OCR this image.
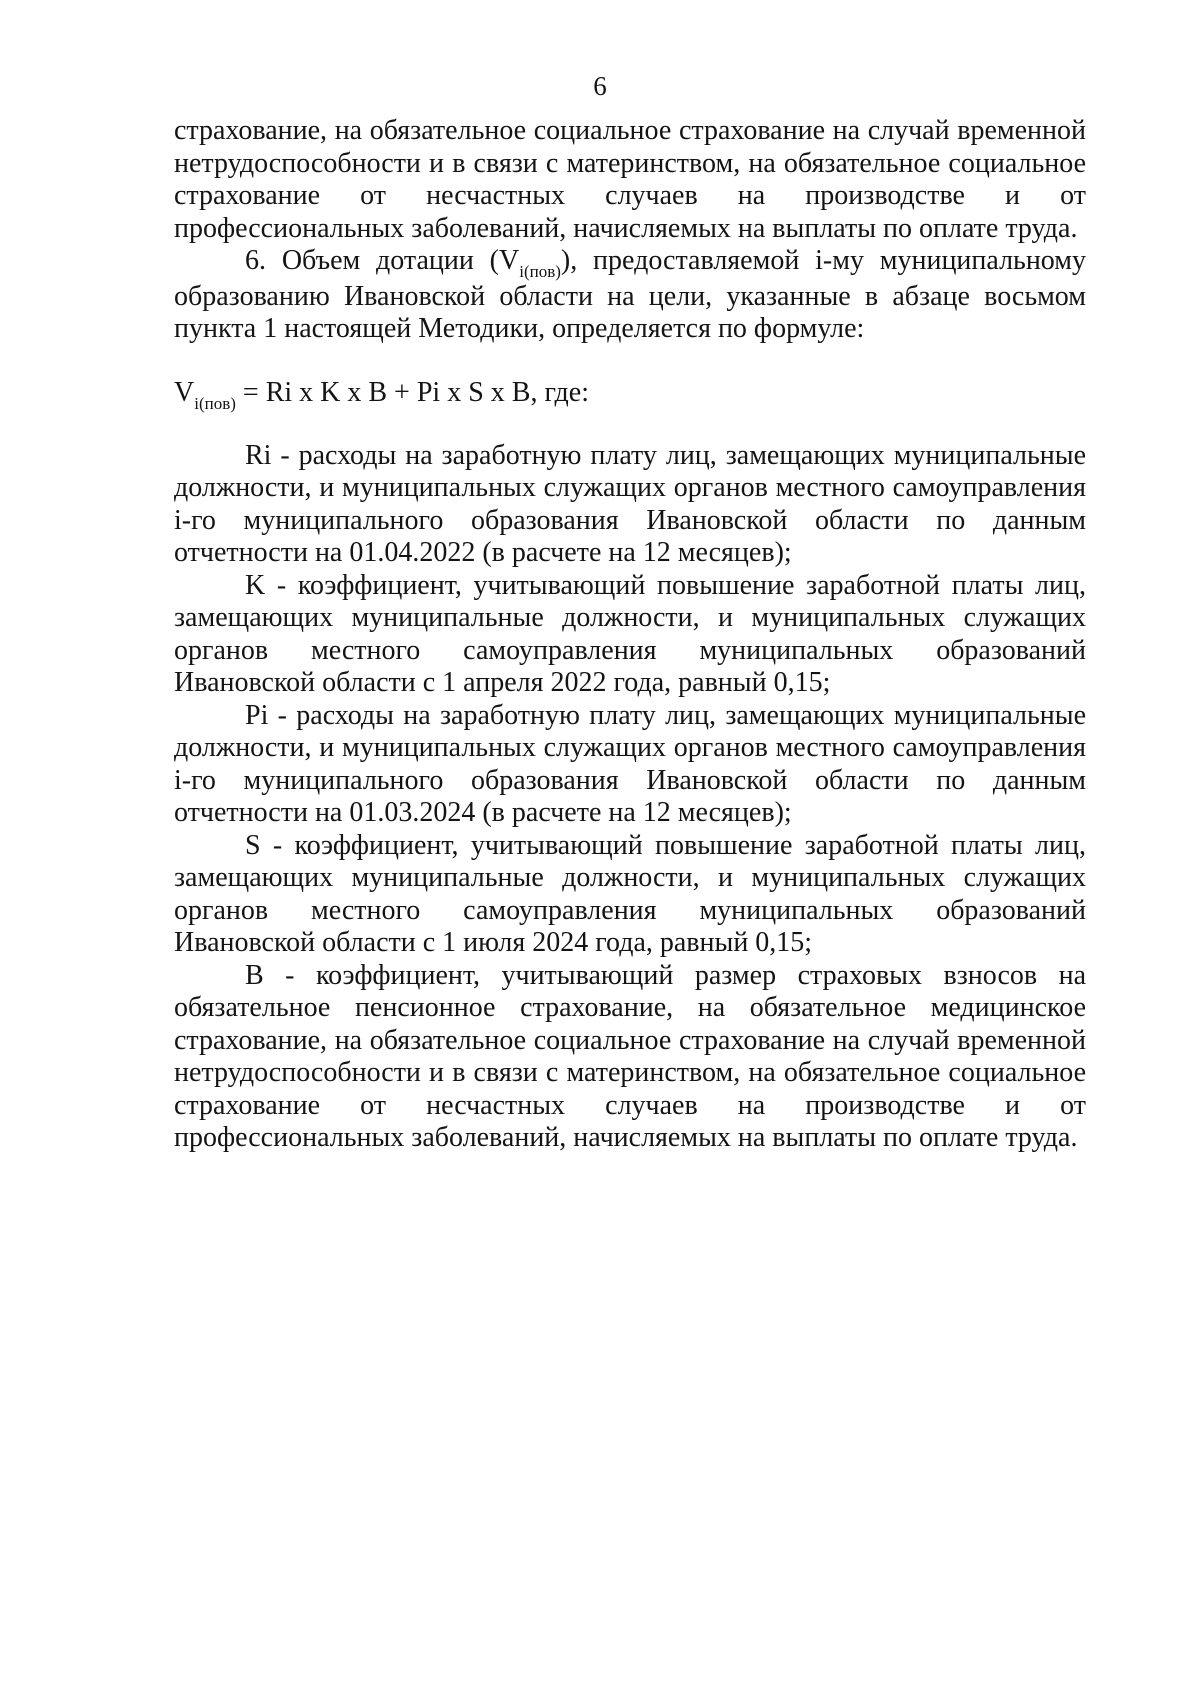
6

страхование, на обязательное социальное страхование на случай временной нетрудоспособности и в связи с материнством, на обязательное социальное страхование от несчастных случаев на производстве и от профессиональных заболеваний, начисляемых на выплаты по оплате труда.

6. Объем дотации $(V_{i(пов)})$, предоставляемой i-му муниципальному образованию Ивановской области на цели, указанные в абзаце восьмом пункта 1 настоящей Методики, определяется по формуле:

$V_{i(пов)} = Ri$ x K x B + Pi x S x B, где:

Ri - расходы на заработную плату лиц, замещающих муниципальные должности, и муниципальных служащих органов местного самоуправления i-го муниципального образования Ивановской области по данным отчетности на 01.04.2022 (в расчете на 12 месяцев);

K - коэффициент, учитывающий повышение заработной платы лиц, замещающих муниципальные должности, и муниципальных служащих органов местного самоуправления муниципальных образований Ивановской области с 1 апреля 2022 года, равный 0,15;

Pi - расходы на заработную плату лиц, замещающих муниципальные должности, и муниципальных служащих органов местного самоуправления i-го муниципального образования Ивановской области по данным отчетности на 01.03.2024 (в расчете на 12 месяцев);

S - коэффициент, учитывающий повышение заработной платы лиц, замещающих муниципальные должности, и муниципальных служащих органов местного самоуправления муниципальных образований Ивановской области с 1 июля 2024 года, равный 0,15;

B - коэффициент, учитывающий размер страховых взносов на обязательное пенсионное страхование, на обязательное медицинское страхование, на обязательное социальное страхование на случай временной нетрудоспособности и в связи с материнством, на обязательное социальное страхование от несчастных случаев на производстве и от профессиональных заболеваний, начисляемых на выплаты по оплате труда.
